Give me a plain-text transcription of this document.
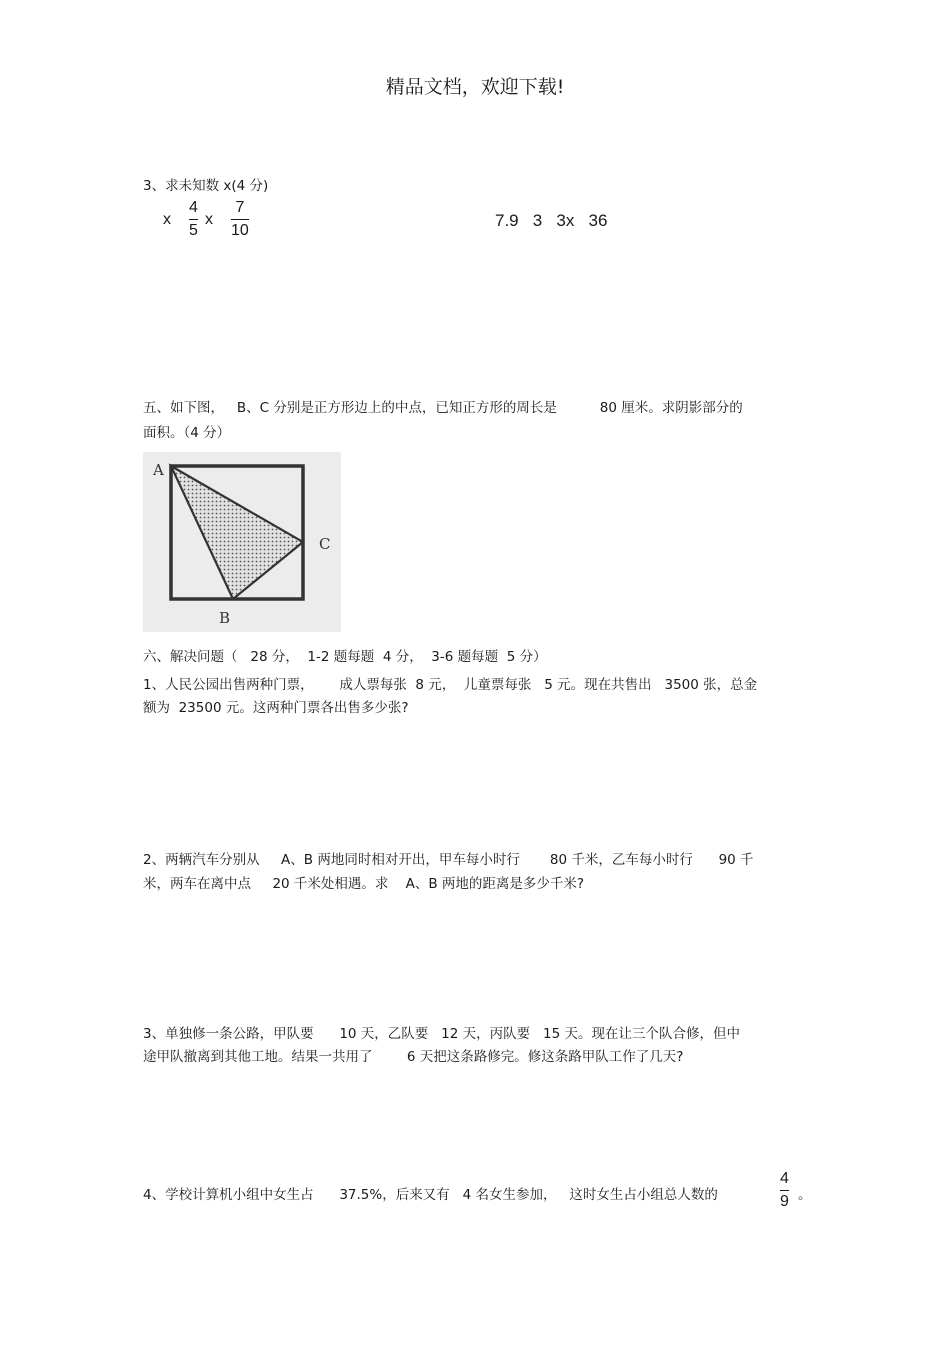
精品文档，欢迎下载!
3、求未知数 x(4 分)
x
4
5
x
7
10
7.9   3   3x   36
五、如下图，   B、C 分别是正方形边上的中点，已知正方形的周长是          80 厘米。求阴影部分的
面积。（4 分）
A
C
B
六、解决问题（   28 分，  1-2 题每题  4 分，  3-6 题每题  5 分）
1、人民公园出售两种门票，      成人票每张  8 元，  儿童票每张   5 元。现在共售出   3500 张，总金
额为  23500 元。这两种门票各出售多少张?
2、两辆汽车分别从     A、B 两地同时相对开出，甲车每小时行       80 千米，乙车每小时行      90 千
米，两车在离中点     20 千米处相遇。求    A、B 两地的距离是多少千米?
3、单独修一条公路，甲队要      10 天，乙队要   12 天，丙队要   15 天。现在让三个队合修，但中
途甲队撤离到其他工地。结果一共用了        6 天把这条路修完。修这条路甲队工作了几天?
4、学校计算机小组中女生占      37.5%，后来又有   4 名女生参加，   这时女生占小组总人数的
4
9 。
